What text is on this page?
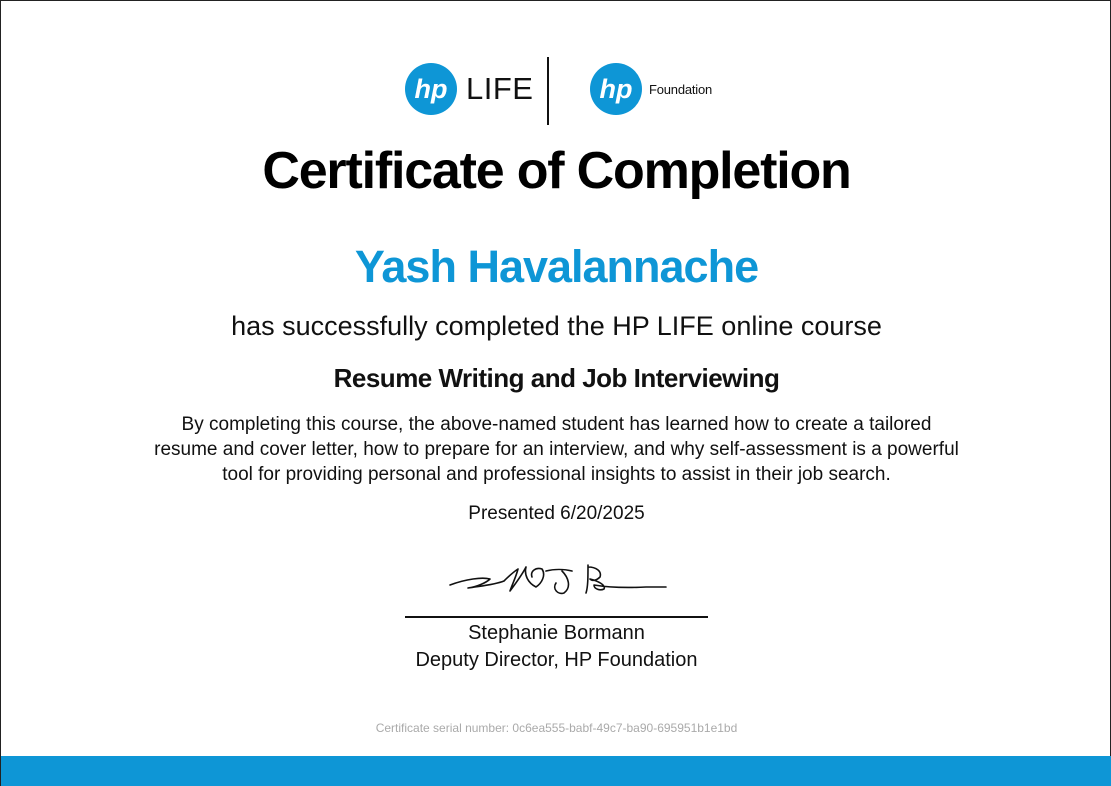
hp LIFE hp Foundation
Certificate of Completion
Yash Havalannache
has successfully completed the HP LIFE online course
Resume Writing and Job Interviewing
By completing this course, the above-named student has learned how to create a tailored resume and cover letter, how to prepare for an interview, and why self-assessment is a powerful tool for providing personal and professional insights to assist in their job search.
Presented 6/20/2025
Stephanie Bormann
Deputy Director, HP Foundation
Certificate serial number: 0c6ea555-babf-49c7-ba90-695951b1e1bd
